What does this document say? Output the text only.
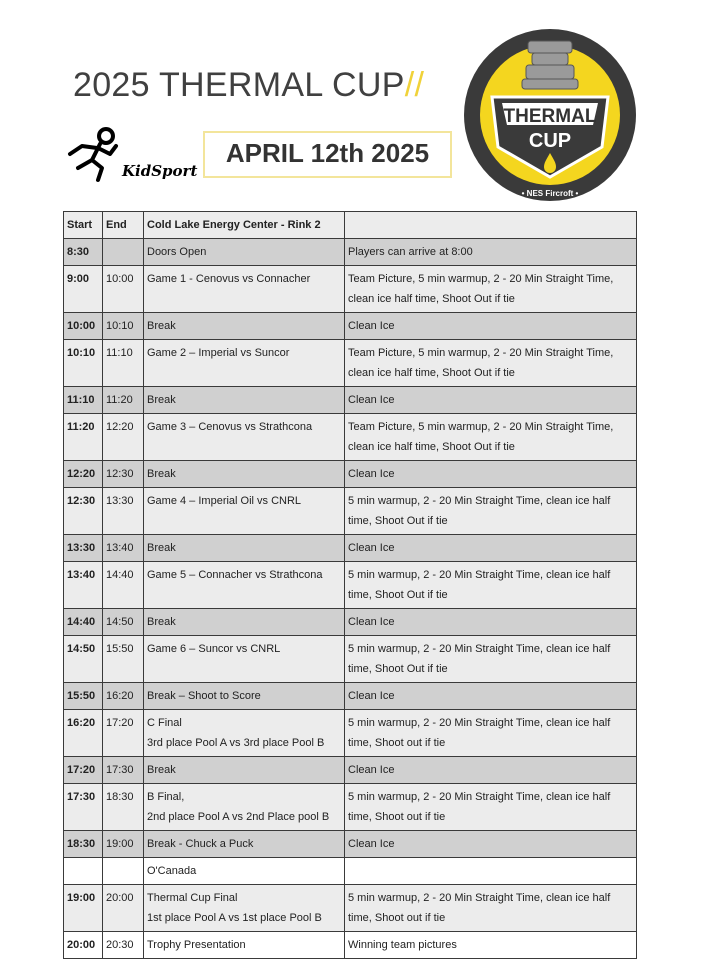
2025 THERMAL CUP//
KidSport
APRIL 12th 2025
THERMAL
CUP
• NES Fircroft •
Start	End	Cold Lake Energy Center - Rink 2	
8:30		Doors Open	Players can arrive at 8:00
9:00	10:00	Game 1 - Cenovus vs Connacher	Team Picture, 5 min warmup, 2 - 20 Min Straight Time, clean ice half time, Shoot Out if tie
10:00	10:10	Break	Clean Ice
10:10	11:10	Game 2 – Imperial vs Suncor	Team Picture, 5 min warmup, 2 - 20 Min Straight Time, clean ice half time, Shoot Out if tie
11:10	11:20	Break	Clean Ice
11:20	12:20	Game 3 – Cenovus vs Strathcona	Team Picture, 5 min warmup, 2 - 20 Min Straight Time, clean ice half time, Shoot Out if tie
12:20	12:30	Break	Clean Ice
12:30	13:30	Game 4 – Imperial Oil vs CNRL	5 min warmup, 2 - 20 Min Straight Time, clean ice half time, Shoot Out if tie
13:30	13:40	Break	Clean Ice
13:40	14:40	Game 5 – Connacher vs Strathcona	5 min warmup, 2 - 20 Min Straight Time, clean ice half time, Shoot Out if tie
14:40	14:50	Break	Clean Ice
14:50	15:50	Game 6 – Suncor vs CNRL	5 min warmup, 2 - 20 Min Straight Time, clean ice half time, Shoot Out if tie
15:50	16:20	Break – Shoot to Score	Clean Ice
16:20	17:20	C Final
3rd place Pool A vs 3rd place Pool B	5 min warmup, 2 - 20 Min Straight Time, clean ice half time, Shoot out if tie
17:20	17:30	Break	Clean Ice
17:30	18:30	B Final,
2nd place Pool A vs 2nd Place pool B	5 min warmup, 2 - 20 Min Straight Time, clean ice half time, Shoot out if tie
18:30	19:00	Break - Chuck a Puck	Clean Ice
		O'Canada	
19:00	20:00	Thermal Cup Final
1st place Pool A vs 1st place Pool B	5 min warmup, 2 - 20 Min Straight Time, clean ice half time, Shoot out if tie
20:00	20:30	Trophy Presentation	Winning team pictures
